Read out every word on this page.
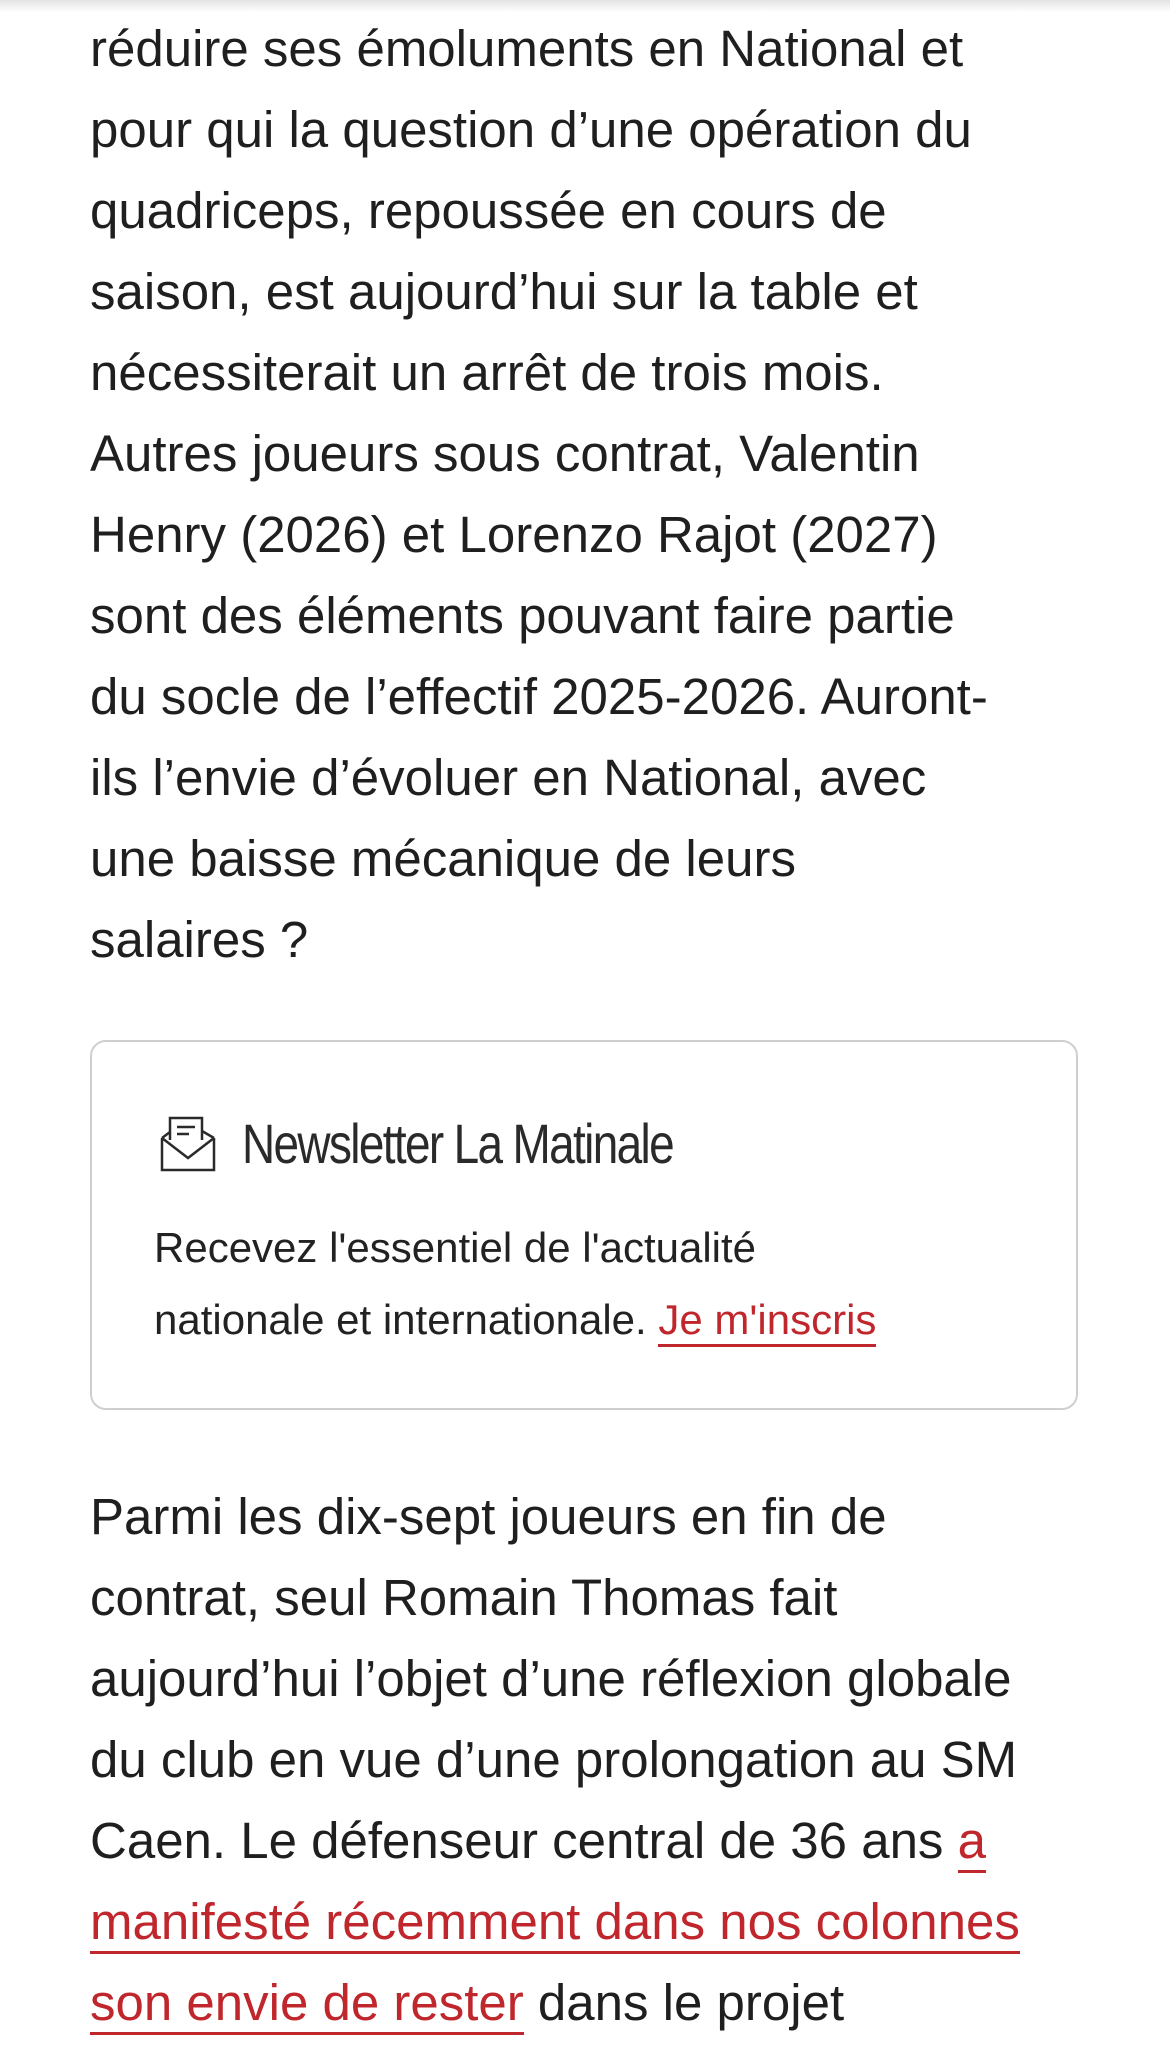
réduire ses émoluments en National et
pour qui la question d’une opération du
quadriceps, repoussée en cours de
saison, est aujourd’hui sur la table et
nécessiterait un arrêt de trois mois.
Autres joueurs sous contrat, Valentin
Henry (2026) et Lorenzo Rajot (2027)
sont des éléments pouvant faire partie
du socle de l’effectif 2025-2026. Auront-
ils l’envie d’évoluer en National, avec
une baisse mécanique de leurs
salaires ?

Newsletter La Matinale
Recevez l'essentiel de l'actualité
nationale et internationale. Je m'inscris
Parmi les dix-sept joueurs en fin de
contrat, seul Romain Thomas fait
aujourd’hui l’objet d’une réflexion globale
du club en vue d’une prolongation au SM
Caen. Le défenseur central de 36 ans a
manifesté récemment dans nos colonnes
son envie de rester dans le projet
